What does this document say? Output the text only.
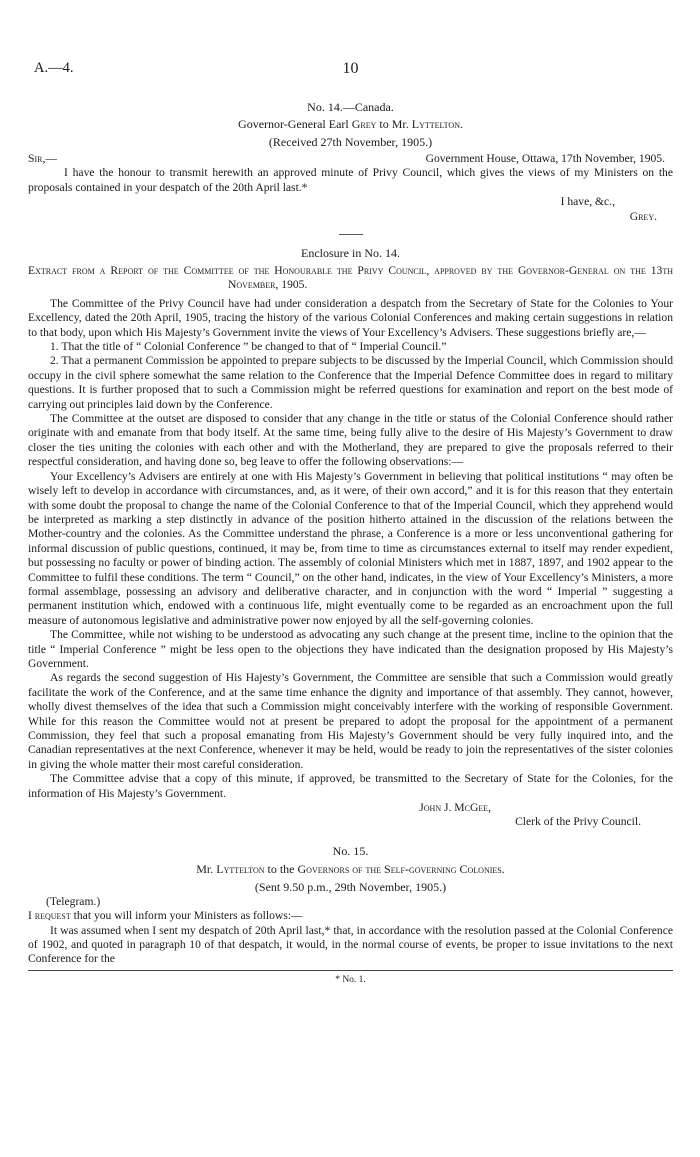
A.—4.	10
No. 14.—Canada.
Governor-General Earl Grey to Mr. Lyttelton.
(Received 27th November, 1905.)
Sir,—	Government House, Ottawa, 17th November, 1905.

I have the honour to transmit herewith an approved minute of Privy Council, which gives the views of my Ministers on the proposals contained in your despatch of the 20th April last.*

I have, &c.,
Grey.
Enclosure in No. 14.

Extract from a Report of the Committee of the Honourable the Privy Council, approved by the Governor-General on the 13th November, 1905.

The Committee of the Privy Council have had under consideration a despatch from the Secretary of State for the Colonies to Your Excellency, dated the 20th April, 1905, tracing the history of the various Colonial Conferences and making certain suggestions in relation to that body, upon which His Majesty’s Government invite the views of Your Excellency’s Advisers. These suggestions briefly are,—

1. That the title of “ Colonial Conference ” be changed to that of “ Imperial Council.”

2. That a permanent Commission be appointed to prepare subjects to be discussed by the Imperial Council, which Commission should occupy in the civil sphere somewhat the same relation to the Conference that the Imperial Defence Committee does in regard to military questions. It is further proposed that to such a Commission might be referred questions for examination and report on the best mode of carrying out principles laid down by the Conference.

The Committee at the outset are disposed to consider that any change in the title or status of the Colonial Conference should rather originate with and emanate from that body itself. At the same time, being fully alive to the desire of His Majesty’s Government to draw closer the ties uniting the colonies with each other and with the Motherland, they are prepared to give the proposals referred to their respectful consideration, and having done so, beg leave to offer the following observations:—

Your Excellency’s Advisers are entirely at one with His Majesty’s Government in believing that political institutions “ may often be wisely left to develop in accordance with circumstances, and, as it were, of their own accord,” and it is for this reason that they entertain with some doubt the proposal to change the name of the Colonial Conference to that of the Imperial Council, which they apprehend would be interpreted as marking a step distinctly in advance of the position hitherto attained in the discussion of the relations between the Mother-country and the colonies. As the Committee understand the phrase, a Conference is a more or less unconventional gathering for informal discussion of public questions, continued, it may be, from time to time as circumstances external to itself may render expedient, but possessing no faculty or power of binding action. The assembly of colonial Ministers which met in 1887, 1897, and 1902 appear to the Committee to fulfil these conditions. The term “ Council,” on the other hand, indicates, in the view of Your Excellency’s Ministers, a more formal assemblage, possessing an advisory and deliberative character, and in conjunction with the word “ Imperial ” suggesting a permanent institution which, endowed with a continuous life, might eventually come to be regarded as an encroachment upon the full measure of autonomous legislative and administrative power now enjoyed by all the self-governing colonies.

The Committee, while not wishing to be understood as advocating any such change at the present time, incline to the opinion that the title “ Imperial Conference ” might be less open to the objections they have indicated than the designation proposed by His Majesty’s Government.

As regards the second suggestion of His Hajesty’s Government, the Committee are sensible that such a Commission would greatly facilitate the work of the Conference, and at the same time enhance the dignity and importance of that assembly. They cannot, however, wholly divest themselves of the idea that such a Commission might conceivably interfere with the working of responsible Government. While for this reason the Committee would not at present be prepared to adopt the proposal for the appointment of a permanent Commission, they feel that such a proposal emanating from His Majesty’s Government should be very fully inquired into, and the Canadian representatives at the next Conference, whenever it may be held, would be ready to join the representatives of the sister colonies in giving the whole matter their most careful consideration.

The Committee advise that a copy of this minute, if approved, be transmitted to the Secretary of State for the Colonies, for the information of His Majesty’s Government.

John J. McGee,
Clerk of the Privy Council.
No. 15.
Mr. Lyttelton to the Governors of the Self-governing Colonies.
(Sent 9.50 p.m., 29th November, 1905.)

(Telegram.)

I request that you will inform your Ministers as follows:—

It was assumed when I sent my despatch of 20th April last,* that, in accordance with the resolution passed at the Colonial Conference of 1902, and quoted in paragraph 10 of that despatch, it would, in the normal course of events, be proper to issue invitations to the next Conference for the

* No. 1.
